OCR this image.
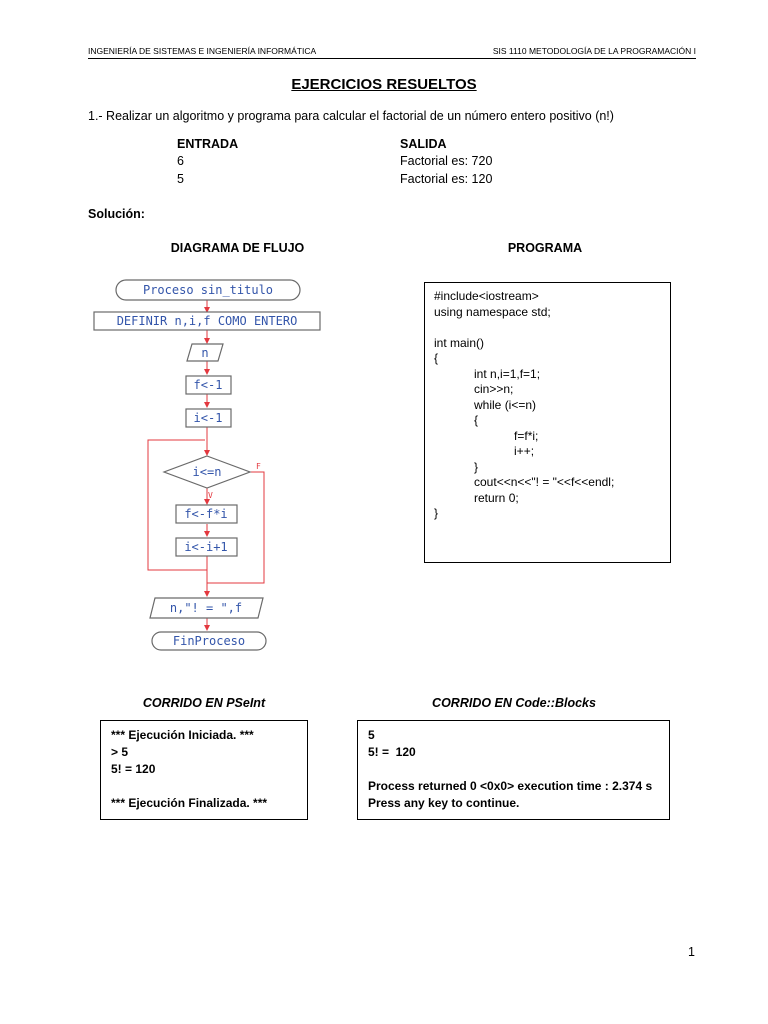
INGENIERÍA DE SISTEMAS E INGENIERÍA INFORMÁTICA	SIS 1110 METODOLOGÍA DE LA PROGRAMACIÓN I
EJERCICIOS RESUELTOS
1.- Realizar un algoritmo y programa para calcular el factorial de un número entero positivo (n!)
ENTRADA	SALIDA
6	Factorial es: 720
5	Factorial es: 120
Solución:
DIAGRAMA DE FLUJO	PROGRAMA
Proceso sin_titulo
DEFINIR n,i,f COMO ENTERO
n
f<-1
i<-1
i<=n
f<-f*i
i<-i+1
n,"! = ",f
FinProceso
V
F
#include<iostream>
using namespace std;

int main()
{
int n,i=1,f=1;
cin>>n;
while (i<=n)
{
f=f*i;
i++;
}
cout<<n<<"! = "<<f<<endl;
return 0;
}
CORRIDO EN PSeInt	CORRIDO EN Code::Blocks
*** Ejecución Iniciada. ***
> 5
5! = 120

*** Ejecución Finalizada. ***
5
5! =  120

Process returned 0 <0x0> execution time : 2.374 s
Press any key to continue.
1
